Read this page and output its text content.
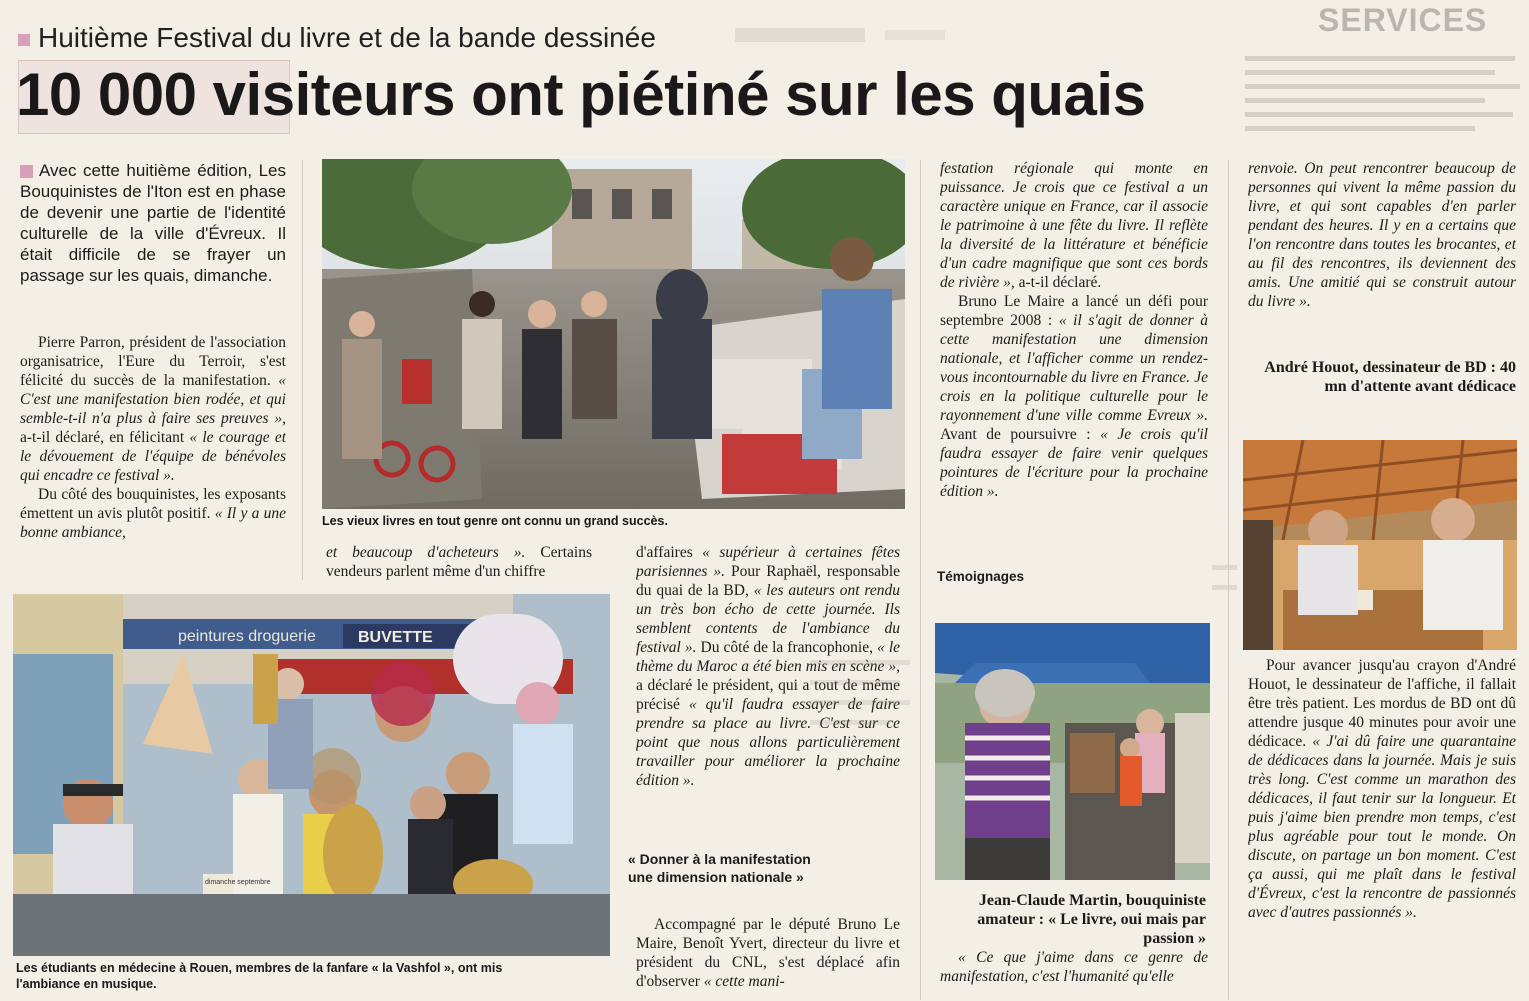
SERVICES
Huitième Festival du livre et de la bande dessinée
10 000 visiteurs ont piétiné sur les quais
Avec cette huitième édition, Les Bouquinistes de l'Iton est en phase de devenir une partie de l'identité culturelle de la ville d'Évreux. Il était difficile de se frayer un passage sur les quais, dimanche.

Pierre Parron, président de l'association organisatrice, l'Eure du Terroir, s'est félicité du succès de la manifestation. « C'est une manifestation bien rodée, et qui semble-t-il n'a plus à faire ses preuves », a-t-il déclaré, en félicitant « le courage et le dévouement de l'équipe de bénévoles qui encadre ce festival ».

Du côté des bouquinistes, les exposants émettent un avis plutôt positif. « Il y a une bonne ambiance,

Les vieux livres en tout genre ont connu un grand succès.

et beaucoup d'acheteurs ». Certains vendeurs parlent même d'un chiffre

peintures droguerie	BUVETTE
dimanche septembre
Les étudiants en médecine à Rouen, membres de la fanfare « la Vashfol », ont mis l'ambiance en musique.

d'affaires « supérieur à certaines fêtes parisiennes ». Pour Raphaël, responsable du quai de la BD, « les auteurs ont rendu un très bon écho de cette journée. Ils semblent contents de l'ambiance du festival ». Du côté de la francophonie, « le thème du Maroc a été bien mis en scène », a déclaré le président, qui a tout de même précisé « qu'il faudra essayer de faire prendre sa place au livre. C'est sur ce point que nous allons particulièrement travailler pour améliorer la prochaine édition ».

« Donner à la manifestation une dimension nationale »

Accompagné par le député Bruno Le Maire, Benoît Yvert, directeur du livre et président du CNL, s'est déplacé afin d'observer « cette mani-

festation régionale qui monte en puissance. Je crois que ce festival a un caractère unique en France, car il associe le patrimoine à une fête du livre. Il reflète la diversité de la littérature et bénéficie d'un cadre magnifique que sont ces bords de rivière », a-t-il déclaré.

Bruno Le Maire a lancé un défi pour septembre 2008 : « il s'agit de donner à cette manifestation une dimension nationale, et l'afficher comme un rendez-vous incontournable du livre en France. Je crois en la politique culturelle pour le rayonnement d'une ville comme Evreux ». Avant de poursuivre : « Je crois qu'il faudra essayer de faire venir quelques pointures de l'écriture pour la prochaine édition ».

Témoignages
Jean-Claude Martin, bouquiniste amateur : « Le livre, oui mais par passion »

« Ce que j'aime dans ce genre de manifestation, c'est l'humanité qu'elle

renvoie. On peut rencontrer beaucoup de personnes qui vivent la même passion du livre, et qui sont capables d'en parler pendant des heures. Il y en a certains que l'on rencontre dans toutes les brocantes, et au fil des rencontres, ils deviennent des amis. Une amitié qui se construit autour du livre ».

André Houot, dessinateur de BD : 40 mn d'attente avant dédicace

Pour avancer jusqu'au crayon d'André Houot, le dessinateur de l'affiche, il fallait être très patient. Les mordus de BD ont dû attendre jusque 40 minutes pour avoir une dédicace. « J'ai dû faire une quarantaine de dédicaces dans la journée. Mais je suis très long. C'est comme un marathon des dédicaces, il faut tenir sur la longueur. Et puis j'aime bien prendre mon temps, c'est plus agréable pour tout le monde. On discute, on partage un bon moment. C'est ça aussi, qui me plaît dans le festival d'Évreux, c'est la rencontre de passionnés avec d'autres passionnés ».
